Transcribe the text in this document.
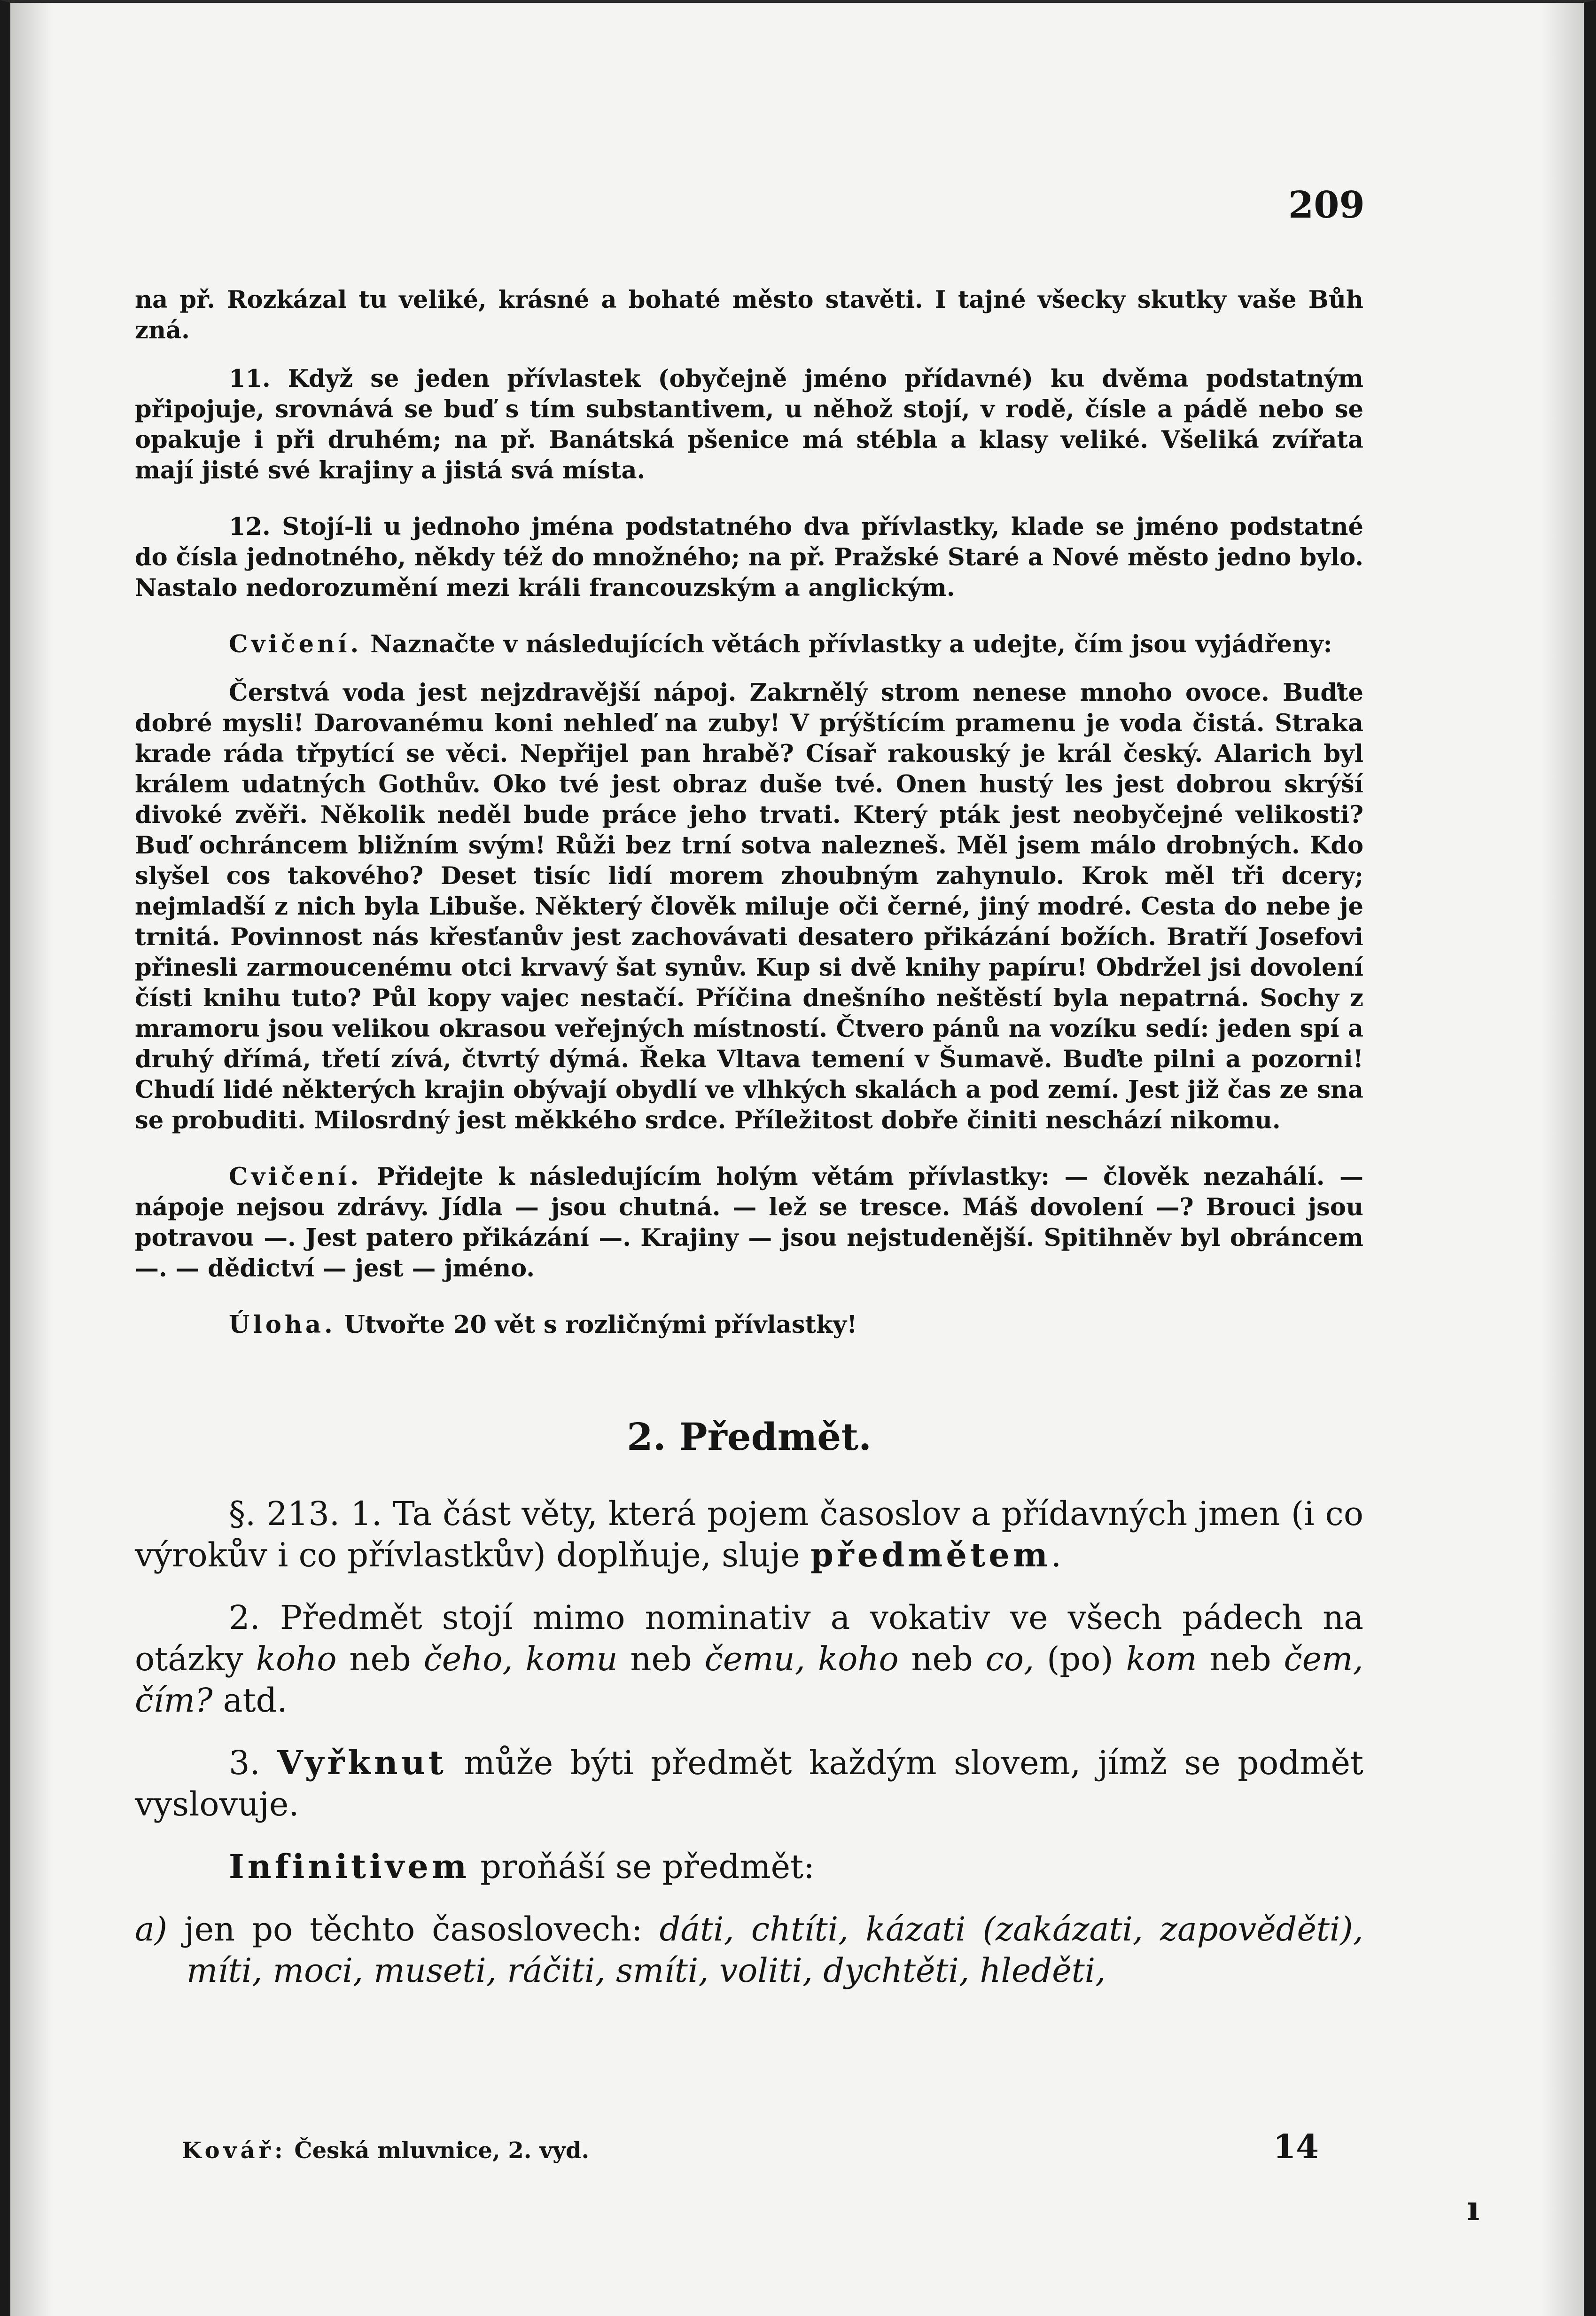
209

na př. Rozkázal tu veliké, krásné a bohaté město stavěti. I tajné všecky skutky vaše Bůh zná.

11. Když se jeden přívlastek (obyčejně jméno přídavné) ku dvěma podstatným připojuje, srovnává se buď s tím substantivem, u něhož stojí, v rodě, čísle a pádě nebo se opakuje i při druhém; na př. Banátská pšenice má stébla a klasy veliké. Všeliká zvířata mají jisté své krajiny a jistá svá místa.

12. Stojí-li u jednoho jména podstatného dva přívlastky, klade se jméno podstatné do čísla jednotného, někdy též do množného; na př. Pražské Staré a Nové město jedno bylo. Nastalo nedorozumění mezi králi francouzským a anglickým.

Cvičení. Naznačte v následujících větách přívlastky a udejte, čím jsou vyjádřeny:

Čerstvá voda jest nejzdravější nápoj. Zakrnělý strom nenese mnoho ovoce. Buďte dobré mysli! Darovanému koni nehleď na zuby! V prýštícím pramenu je voda čistá. Straka krade ráda třpytící se věci. Nepřijel pan hrabě? Císař rakouský je král český. Alarich byl králem udatných Gothův. Oko tvé jest obraz duše tvé. Onen hustý les jest dobrou skrýší divoké zvěři. Několik neděl bude práce jeho trvati. Který pták jest neobyčejné velikosti? Buď ochráncem bližním svým! Růži bez trní sotva nalezneš. Měl jsem málo drobných. Kdo slyšel cos takového? Deset tisíc lidí morem zhoubným zahynulo. Krok měl tři dcery; nejmladší z nich byla Libuše. Některý člověk miluje oči černé, jiný modré. Cesta do nebe je trnitá. Povinnost nás křesťanův jest zachovávati desatero přikázání božích. Bratří Josefovi přinesli zarmoucenému otci krvavý šat synův. Kup si dvě knihy papíru! Obdržel jsi dovolení čísti knihu tuto? Půl kopy vajec nestačí. Příčina dnešního neštěstí byla nepatrná. Sochy z mramoru jsou velikou okrasou veřejných místností. Čtvero pánů na vozíku sedí: jeden spí a druhý dřímá, třetí zívá, čtvrtý dýmá. Řeka Vltava temení v Šumavě. Buďte pilni a pozorni! Chudí lidé některých krajin obývají obydlí ve vlhkých skalách a pod zemí. Jest již čas ze sna se probuditi. Milosrdný jest měkkého srdce. Příležitost dobře činiti neschází nikomu.

Cvičení. Přidejte k následujícím holým větám přívlastky: — člověk nezahálí. — nápoje nejsou zdrávy. Jídla — jsou chutná. — lež se tresce. Máš dovolení —? Brouci jsou potravou —. Jest patero přikázání —. Krajiny — jsou nejstudenější. Spitihněv byl obráncem —. — dědictví — jest — jméno.

Úloha. Utvořte 20 vět s rozličnými přívlastky!

2. Předmět.

§. 213. 1. Ta část věty, která pojem časoslov a přídavných jmen (i co výrokův i co přívlastkův) doplňuje, sluje předmětem.

2. Předmět stojí mimo nominativ a vokativ ve všech pádech na otázky koho neb čeho, komu neb čemu, koho neb co, (po) kom neb čem, čím? atd.

3. Vyřknut může býti předmět každým slovem, jímž se podmět vyslovuje.

Infinitivem proňáší se předmět:

a) jen po těchto časoslovech: dáti, chtíti, kázati (zakázati, zapověděti), míti, moci, museti, ráčiti, smíti, voliti, dychtěti, hleděti,

Kovář: Česká mluvnice, 2. vyd.	14
ı
